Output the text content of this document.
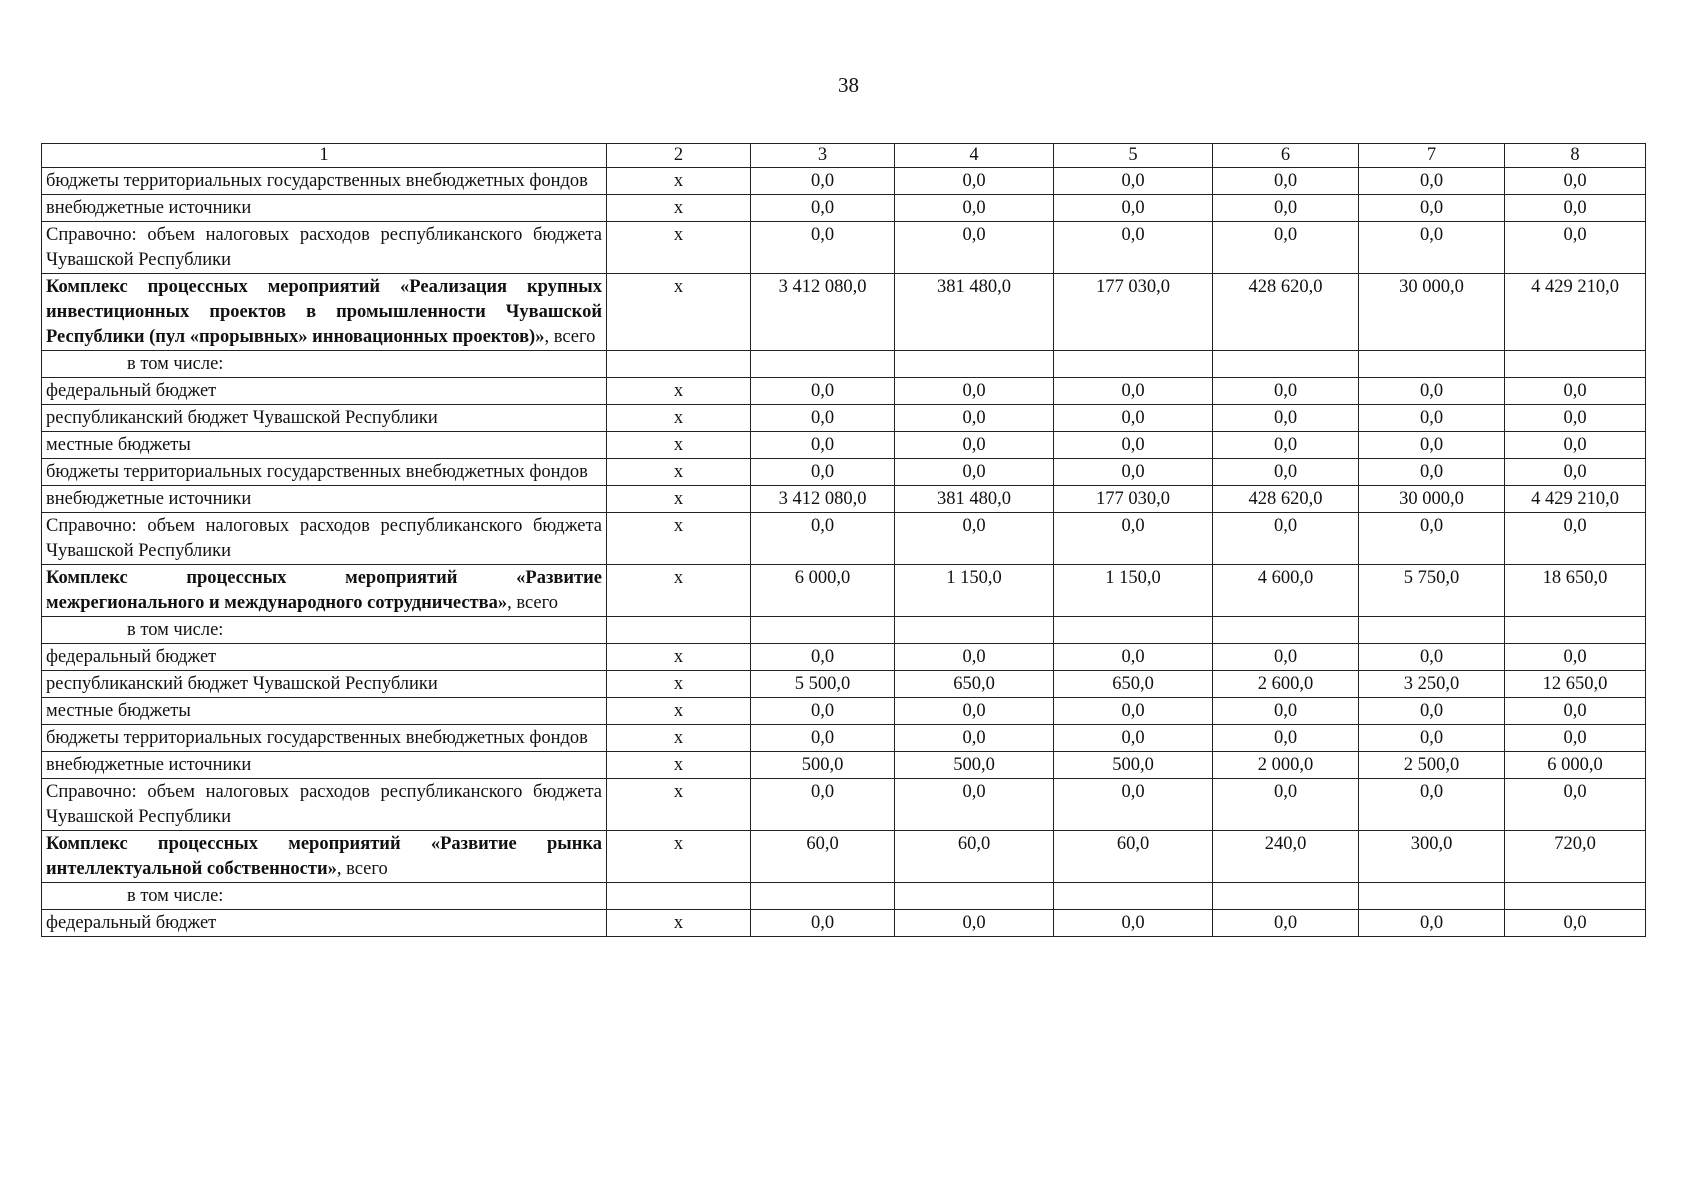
38
1	2	3	4	5	6	7	8
бюджеты территориальных государственных внебюджетных фондов	х	0,0	0,0	0,0	0,0	0,0	0,0
внебюджетные источники	х	0,0	0,0	0,0	0,0	0,0	0,0
Справочно: объем налоговых расходов республиканского бюджета Чувашской Республики	х	0,0	0,0	0,0	0,0	0,0	0,0
Комплекс процессных мероприятий «Реализация крупных инвестиционных проектов в промышленности Чувашской Республики (пул «прорывных» инновационных проектов)», всего	х	3 412 080,0	381 480,0	177 030,0	428 620,0	30 000,0	4 429 210,0
в том числе:							
федеральный бюджет	х	0,0	0,0	0,0	0,0	0,0	0,0
республиканский бюджет Чувашской Республики	х	0,0	0,0	0,0	0,0	0,0	0,0
местные бюджеты	х	0,0	0,0	0,0	0,0	0,0	0,0
бюджеты территориальных государственных внебюджетных фондов	х	0,0	0,0	0,0	0,0	0,0	0,0
внебюджетные источники	х	3 412 080,0	381 480,0	177 030,0	428 620,0	30 000,0	4 429 210,0
Справочно: объем налоговых расходов республиканского бюджета Чувашской Республики	х	0,0	0,0	0,0	0,0	0,0	0,0
Комплекс процессных мероприятий «Развитие межрегионального и международного сотрудничества», всего	х	6 000,0	1 150,0	1 150,0	4 600,0	5 750,0	18 650,0
в том числе:							
федеральный бюджет	х	0,0	0,0	0,0	0,0	0,0	0,0
республиканский бюджет Чувашской Республики	х	5 500,0	650,0	650,0	2 600,0	3 250,0	12 650,0
местные бюджеты	х	0,0	0,0	0,0	0,0	0,0	0,0
бюджеты территориальных государственных внебюджетных фондов	х	0,0	0,0	0,0	0,0	0,0	0,0
внебюджетные источники	х	500,0	500,0	500,0	2 000,0	2 500,0	6 000,0
Справочно: объем налоговых расходов республиканского бюджета Чувашской Республики	х	0,0	0,0	0,0	0,0	0,0	0,0
Комплекс процессных мероприятий «Развитие рынка интеллектуальной собственности», всего	х	60,0	60,0	60,0	240,0	300,0	720,0
в том числе:							
федеральный бюджет	х	0,0	0,0	0,0	0,0	0,0	0,0
